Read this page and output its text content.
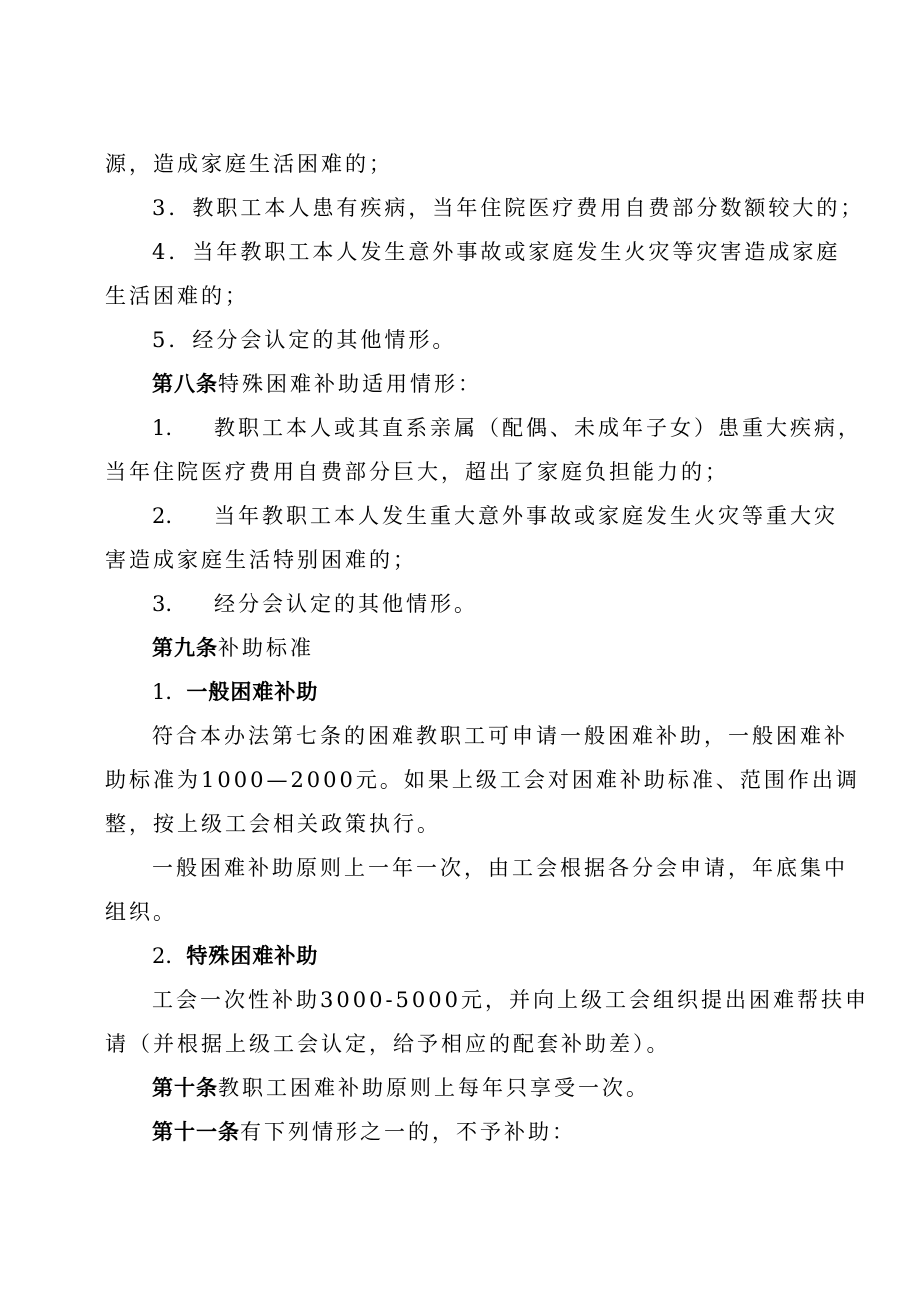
源，造成家庭生活困难的；
3．教职工本人患有疾病，当年住院医疗费用自费部分数额较大的；
4．当年教职工本人发生意外事故或家庭发生火灾等灾害造成家庭
生活困难的；
5．经分会认定的其他情形。
第八条特殊困难补助适用情形：
1. 教职工本人或其直系亲属（配偶、未成年子女）患重大疾病，
当年住院医疗费用自费部分巨大，超出了家庭负担能力的；
2. 当年教职工本人发生重大意外事故或家庭发生火灾等重大灾
害造成家庭生活特别困难的；
3. 经分会认定的其他情形。
第九条补助标准
1．一般困难补助
符合本办法第七条的困难教职工可申请一般困难补助，一般困难补
助标准为1000—2000元。如果上级工会对困难补助标准、范围作出调
整，按上级工会相关政策执行。
一般困难补助原则上一年一次，由工会根据各分会申请，年底集中
组织。
2．特殊困难补助
工会一次性补助3000-5000元，并向上级工会组织提出困难帮扶申
请（并根据上级工会认定，给予相应的配套补助差）。
第十条教职工困难补助原则上每年只享受一次。
第十一条有下列情形之一的，不予补助：
